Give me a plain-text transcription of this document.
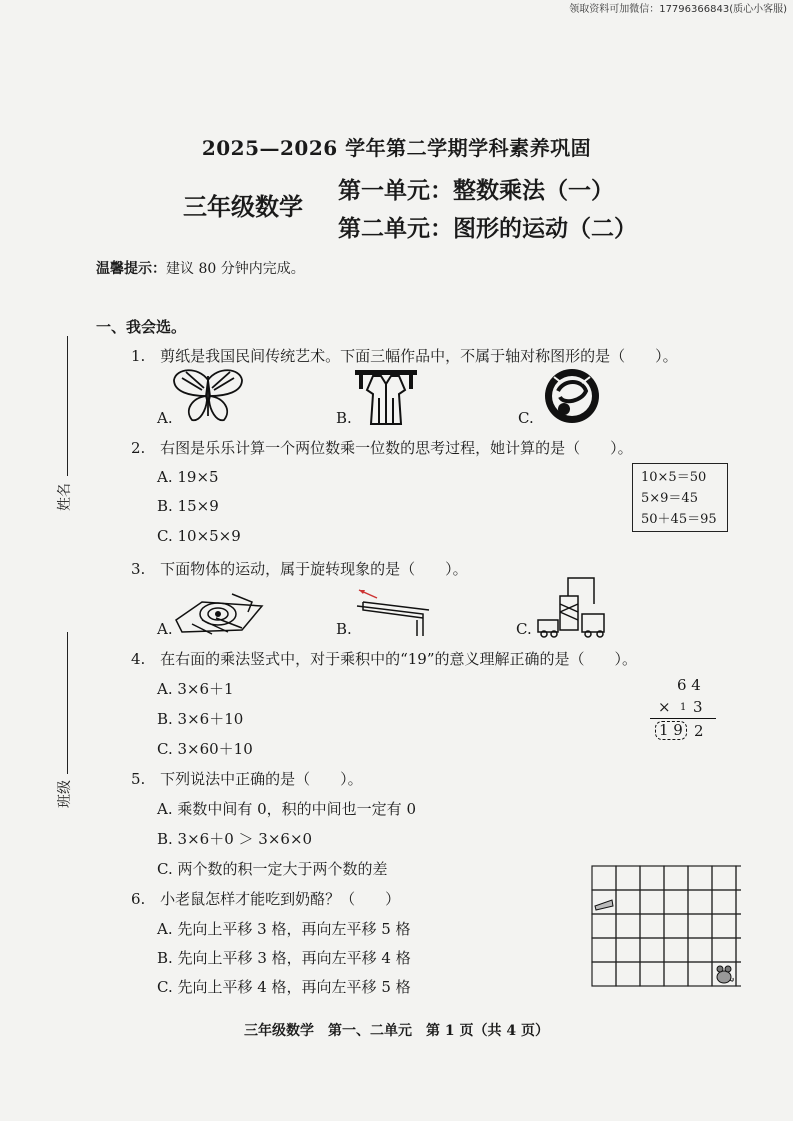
领取资料可加微信：17796366843(质心小客服)
2025—2026 学年第二学期学科素养巩固
三年级数学
第一单元：整数乘法（一）
第二单元：图形的运动（二）
温馨提示：建议 80 分钟内完成。
姓名
班级
一、我会选。
1. 剪纸是我国民间传统艺术。下面三幅作品中，不属于轴对称图形的是（　　）。
A.	B.	C.
2. 右图是乐乐计算一个两位数乘一位数的思考过程，她计算的是（　　）。
A. 19×5
B. 15×9
C. 10×5×9
10×5＝50
5×9＝45
50＋45＝95
3. 下面物体的运动，属于旋转现象的是（　　）。
A.	B.	C.
4. 在右面的乘法竖式中，对于乘积中的“19”的意义理解正确的是（　　）。
A. 3×6＋1
B. 3×6＋10
C. 3×60＋10
6 4
× 1 3
1 9 2
5. 下列说法中正确的是（　　）。
A. 乘数中间有 0，积的中间也一定有 0
B. 3×6＋0 ＞ 3×6×0
C. 两个数的积一定大于两个数的差
6. 小老鼠怎样才能吃到奶酪？（　　）
A. 先向上平移 3 格，再向左平移 5 格
B. 先向上平移 3 格，再向左平移 4 格
C. 先向上平移 4 格，再向左平移 5 格
三年级数学　第一、二单元　第 1 页（共 4 页）
